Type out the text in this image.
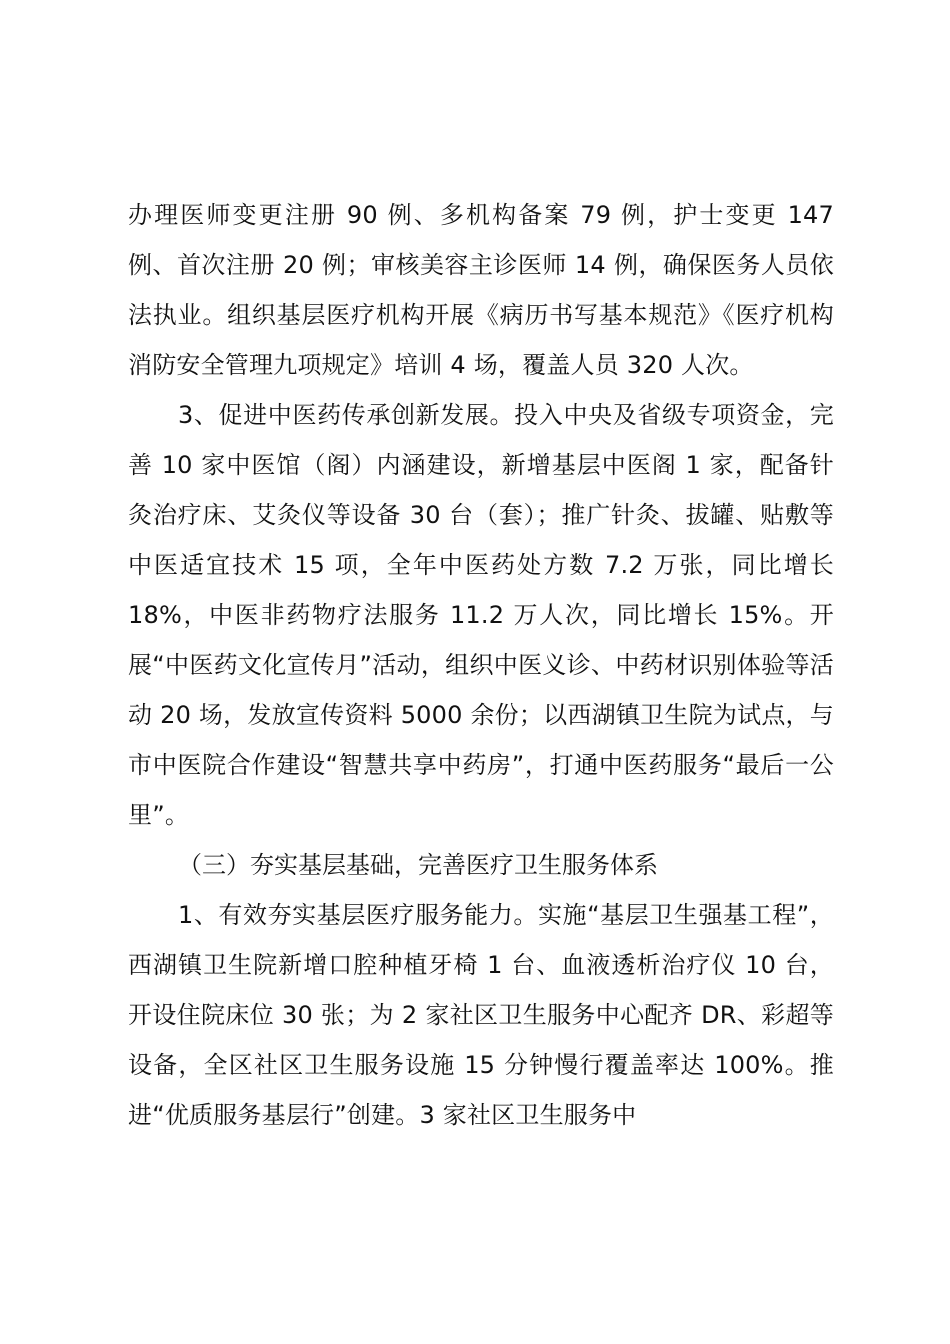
办理医师变更注册 90 例、多机构备案 79 例，护士变更 147 例、首次注册 20 例；审核美容主诊医师 14 例，确保医务人员依法执业。组织基层医疗机构开展《病历书写基本规范》《医疗机构消防安全管理九项规定》培训 4 场，覆盖人员 320 人次。

3、促进中医药传承创新发展。投入中央及省级专项资金，完善 10 家中医馆（阁）内涵建设，新增基层中医阁 1 家，配备针灸治疗床、艾灸仪等设备 30 台（套）；推广针灸、拔罐、贴敷等中医适宜技术 15 项，全年中医药处方数 7.2 万张，同比增长 18%，中医非药物疗法服务 11.2 万人次，同比增长 15%。开展“中医药文化宣传月”活动，组织中医义诊、中药材识别体验等活动 20 场，发放宣传资料 5000 余份；以西湖镇卫生院为试点，与市中医院合作建设“智慧共享中药房”，打通中医药服务“最后一公里”。

（三）夯实基层基础，完善医疗卫生服务体系

1、有效夯实基层医疗服务能力。实施“基层卫生强基工程”，西湖镇卫生院新增口腔种植牙椅 1 台、血液透析治疗仪 10 台，开设住院床位 30 张；为 2 家社区卫生服务中心配齐 DR、彩超等设备，全区社区卫生服务设施 15 分钟慢行覆盖率达 100%。推进“优质服务基层行”创建。3 家社区卫生服务中
